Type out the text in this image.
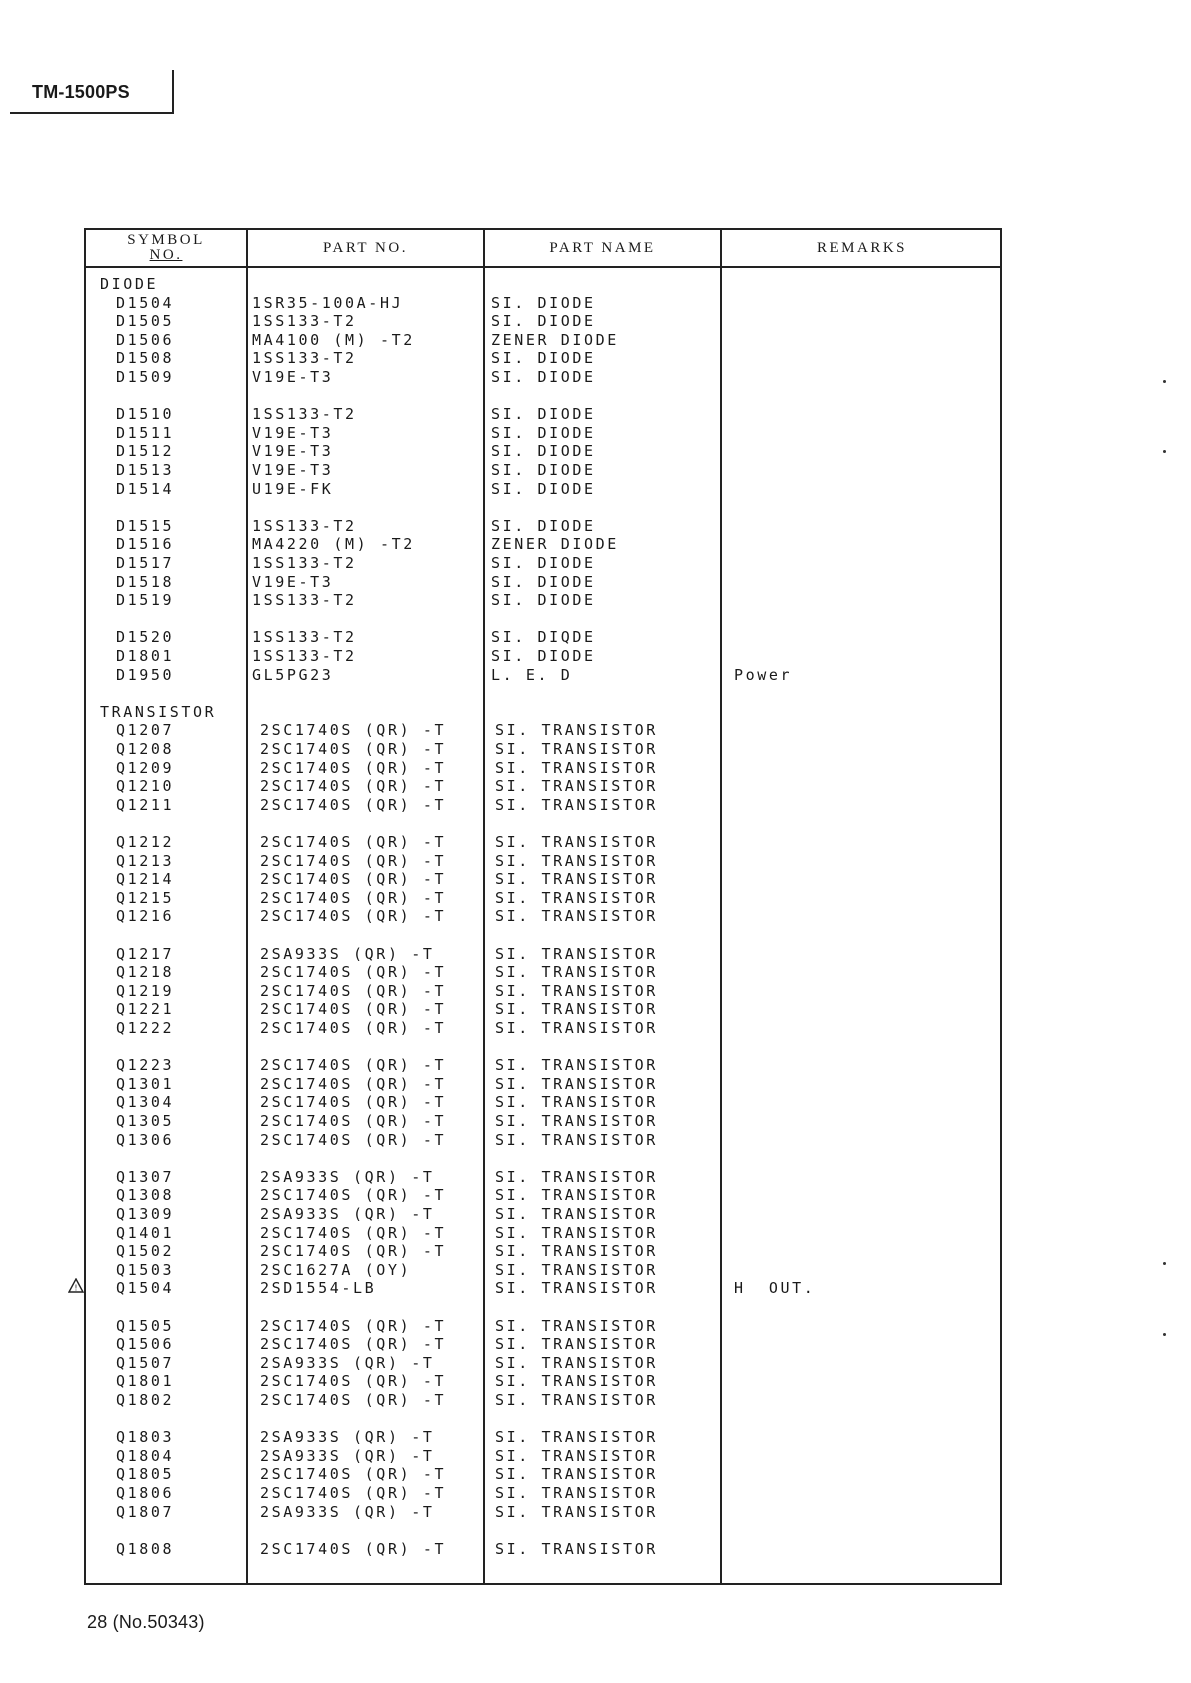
TM-1500PS
SYMBOL
NO.	PART NO.	PART NAME	REMARKS
DIODE
TRANSISTOR
D1504	1SR35-100A-HJ	SI. DIODE
D1505	1SS133-T2	SI. DIODE
D1506	MA4100 (M) -T2	ZENER DIODE
D1508	1SS133-T2	SI. DIODE
D1509	V19E-T3	SI. DIODE
D1510	1SS133-T2	SI. DIODE
D1511	V19E-T3	SI. DIODE
D1512	V19E-T3	SI. DIODE
D1513	V19E-T3	SI. DIODE
D1514	U19E-FK	SI. DIODE
D1515	1SS133-T2	SI. DIODE
D1516	MA4220 (M) -T2	ZENER DIODE
D1517	1SS133-T2	SI. DIODE
D1518	V19E-T3	SI. DIODE
D1519	1SS133-T2	SI. DIODE
D1520	1SS133-T2	SI. DIQDE
D1801	1SS133-T2	SI. DIODE
D1950	GL5PG23	L. E. D	Power
Q1207	2SC1740S (QR) -T	SI. TRANSISTOR
Q1208	2SC1740S (QR) -T	SI. TRANSISTOR
Q1209	2SC1740S (QR) -T	SI. TRANSISTOR
Q1210	2SC1740S (QR) -T	SI. TRANSISTOR
Q1211	2SC1740S (QR) -T	SI. TRANSISTOR
Q1212	2SC1740S (QR) -T	SI. TRANSISTOR
Q1213	2SC1740S (QR) -T	SI. TRANSISTOR
Q1214	2SC1740S (QR) -T	SI. TRANSISTOR
Q1215	2SC1740S (QR) -T	SI. TRANSISTOR
Q1216	2SC1740S (QR) -T	SI. TRANSISTOR
Q1217	2SA933S (QR) -T	SI. TRANSISTOR
Q1218	2SC1740S (QR) -T	SI. TRANSISTOR
Q1219	2SC1740S (QR) -T	SI. TRANSISTOR
Q1221	2SC1740S (QR) -T	SI. TRANSISTOR
Q1222	2SC1740S (QR) -T	SI. TRANSISTOR
Q1223	2SC1740S (QR) -T	SI. TRANSISTOR
Q1301	2SC1740S (QR) -T	SI. TRANSISTOR
Q1304	2SC1740S (QR) -T	SI. TRANSISTOR
Q1305	2SC1740S (QR) -T	SI. TRANSISTOR
Q1306	2SC1740S (QR) -T	SI. TRANSISTOR
Q1307	2SA933S (QR) -T	SI. TRANSISTOR
Q1308	2SC1740S (QR) -T	SI. TRANSISTOR
Q1309	2SA933S (QR) -T	SI. TRANSISTOR
Q1401	2SC1740S (QR) -T	SI. TRANSISTOR
Q1502	2SC1740S (QR) -T	SI. TRANSISTOR
Q1503	2SC1627A (OY)	SI. TRANSISTOR
Q1504	2SD1554-LB	SI. TRANSISTOR	H  OUT.
Q1505	2SC1740S (QR) -T	SI. TRANSISTOR
Q1506	2SC1740S (QR) -T	SI. TRANSISTOR
Q1507	2SA933S (QR) -T	SI. TRANSISTOR
Q1801	2SC1740S (QR) -T	SI. TRANSISTOR
Q1802	2SC1740S (QR) -T	SI. TRANSISTOR
Q1803	2SA933S (QR) -T	SI. TRANSISTOR
Q1804	2SA933S (QR) -T	SI. TRANSISTOR
Q1805	2SC1740S (QR) -T	SI. TRANSISTOR
Q1806	2SC1740S (QR) -T	SI. TRANSISTOR
Q1807	2SA933S (QR) -T	SI. TRANSISTOR
Q1808	2SC1740S (QR) -T	SI. TRANSISTOR
!
28 (No.50343)
